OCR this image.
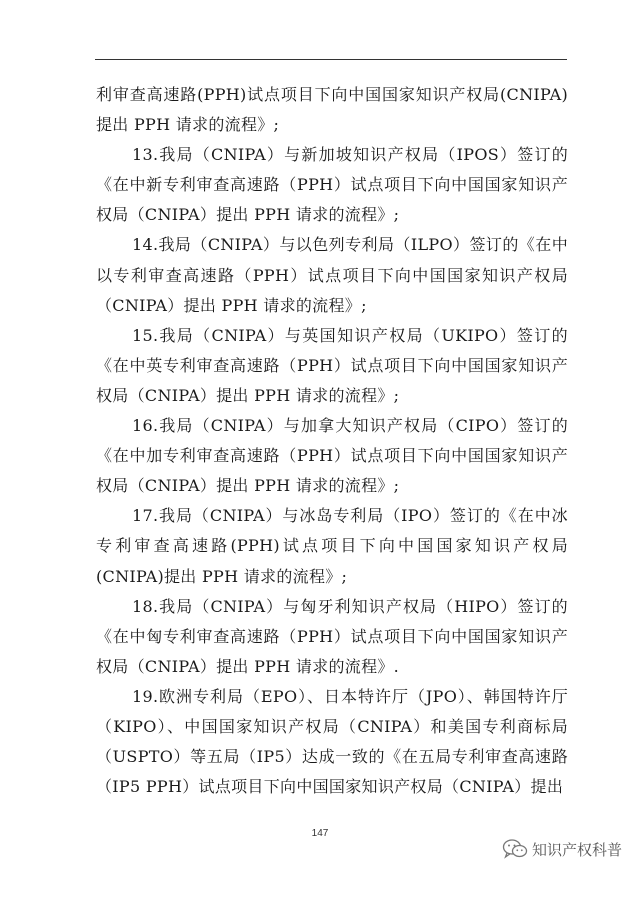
利审查高速路(PPH)试点项目下向中国国家知识产权局(CNIPA)提出 PPH 请求的流程》;

13.我局（CNIPA）与新加坡知识产权局（IPOS）签订的《在中新专利审查高速路（PPH）试点项目下向中国国家知识产权局（CNIPA）提出 PPH 请求的流程》;

14.我局（CNIPA）与以色列专利局（ILPO）签订的《在中以专利审查高速路（PPH）试点项目下向中国国家知识产权局（CNIPA）提出 PPH 请求的流程》;

15.我局（CNIPA）与英国知识产权局（UKIPO）签订的《在中英专利审查高速路（PPH）试点项目下向中国国家知识产权局（CNIPA）提出 PPH 请求的流程》;

16.我局（CNIPA）与加拿大知识产权局（CIPO）签订的《在中加专利审查高速路（PPH）试点项目下向中国国家知识产权局（CNIPA）提出 PPH 请求的流程》;

17.我局（CNIPA）与冰岛专利局（IPO）签订的《在中冰专利审查高速路(PPH)试点项目下向中国国家知识产权局(CNIPA)提出 PPH 请求的流程》;

18.我局（CNIPA）与匈牙利知识产权局（HIPO）签订的《在中匈专利审查高速路（PPH）试点项目下向中国国家知识产权局（CNIPA）提出 PPH 请求的流程》.

19.欧洲专利局（EPO）、日本特许厅（JPO）、韩国特许厅（KIPO）、中国国家知识产权局（CNIPA）和美国专利商标局（USPTO）等五局（IP5）达成一致的《在五局专利审查高速路（IP5 PPH）试点项目下向中国国家知识产权局（CNIPA）提出

147
知识产权科普
